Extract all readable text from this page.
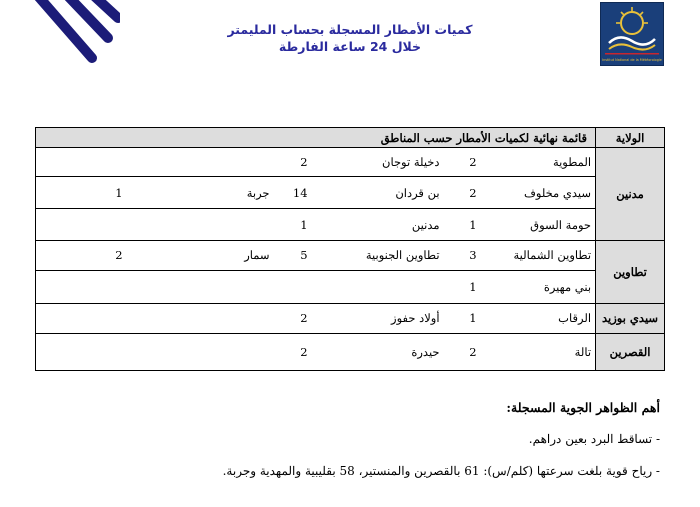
Institut National de la Météorologie
كميات الأمطار المسجلة بحساب المليمتر
خلال 24 ساعة الفارطة
الولاية	قائمة نهائية لكميات الأمطار حسب المناطق					
مدنين	المطوية	2	دخيلة توجان	2		
	سيدي مخلوف	2	بن قردان	14	جربة	1
	حومة السوق	1	مدنين	1		
تطاوين	تطاوين الشمالية	3	تطاوين الجنوبية	5	سمار	2
	بني مهيرة	1				
سيدي بوزيد	الرقاب	1	أولاد حفوز	2		
القصرين	تالة	2	حيدرة	2		
أهم الظواهر الجوية المسجلة:
- تساقط البرد بعين دراهم.
- رياح قوية بلغت سرعتها (كلم/س): 61 بالقصرين والمنستير، 58 بقليبية والمهدية وجربة.
